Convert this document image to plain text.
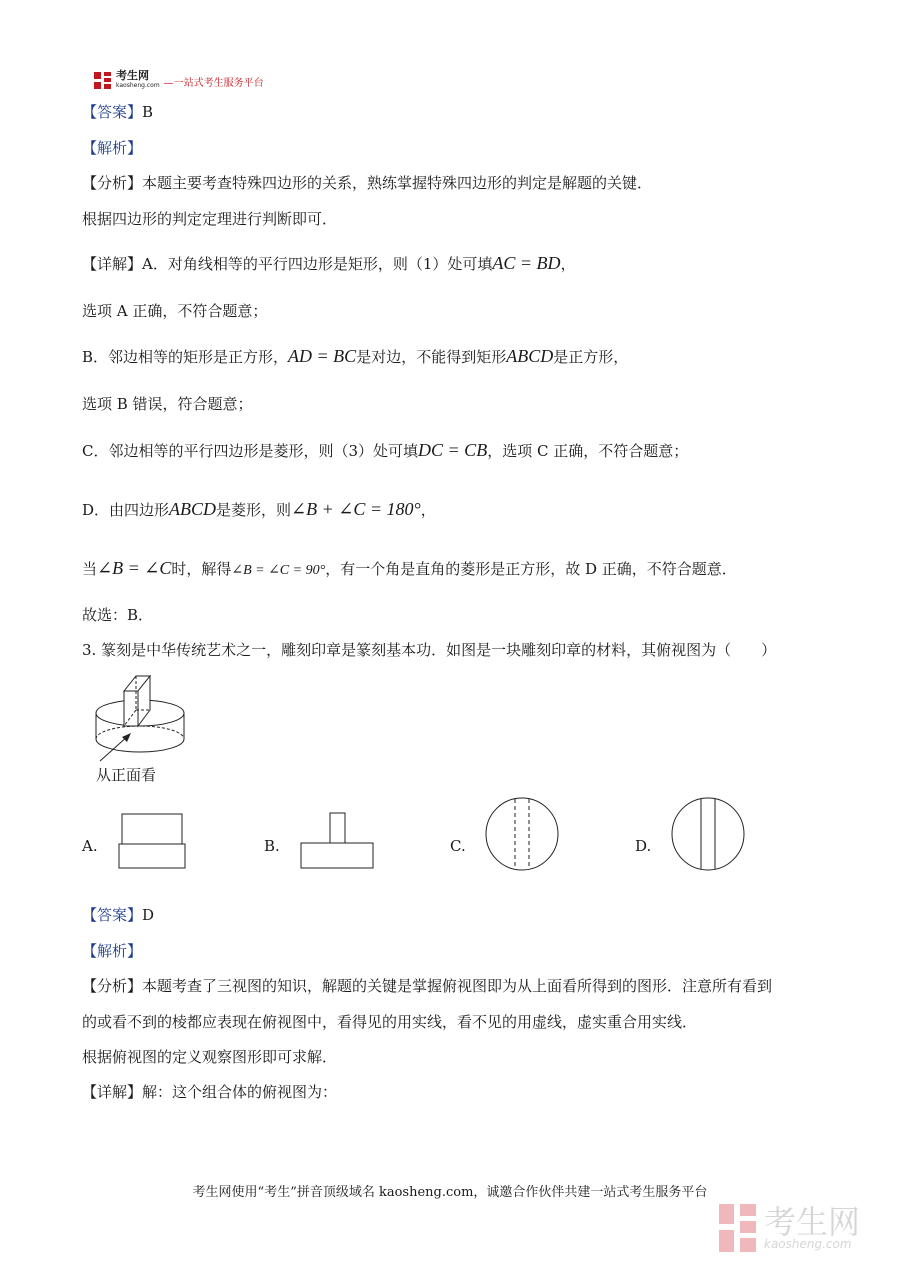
考生网
kaosheng.com —一站式考生服务平台
【答案】B
【解析】
【分析】本题主要考查特殊四边形的关系，熟练掌握特殊四边形的判定是解题的关键．
根据四边形的判定定理进行判断即可．
【详解】A．对角线相等的平行四边形是矩形，则（1）处可填AC = BD，
选项 A 正确，不符合题意；
B．邻边相等的矩形是正方形，AD = BC是对边，不能得到矩形ABCD是正方形，
选项 B 错误，符合题意；
C．邻边相等的平行四边形是菱形，则（3）处可填DC = CB，选项 C 正确，不符合题意；
D．由四边形ABCD是菱形，则∠B + ∠C = 180°，
当∠B = ∠C时，解得∠B = ∠C = 90°，有一个角是直角的菱形是正方形，故 D 正确，不符合题意．
故选：B．
3. 篆刻是中华传统艺术之一，雕刻印章是篆刻基本功．如图是一块雕刻印章的材料，其俯视图为（　　）
从正面看
A.	B.	C.	D.
【答案】D
【解析】
【分析】本题考查了三视图的知识，解题的关键是掌握俯视图即为从上面看所得到的图形．注意所有看到
的或看不到的棱都应表现在俯视图中，看得见的用实线，看不见的用虚线，虚实重合用实线．
根据俯视图的定义观察图形即可求解．
【详解】解：这个组合体的俯视图为：
考生网使用“考生”拼音顶级域名 kaosheng.com，诚邀合作伙伴共建一站式考生服务平台
考生网
kaosheng.com
